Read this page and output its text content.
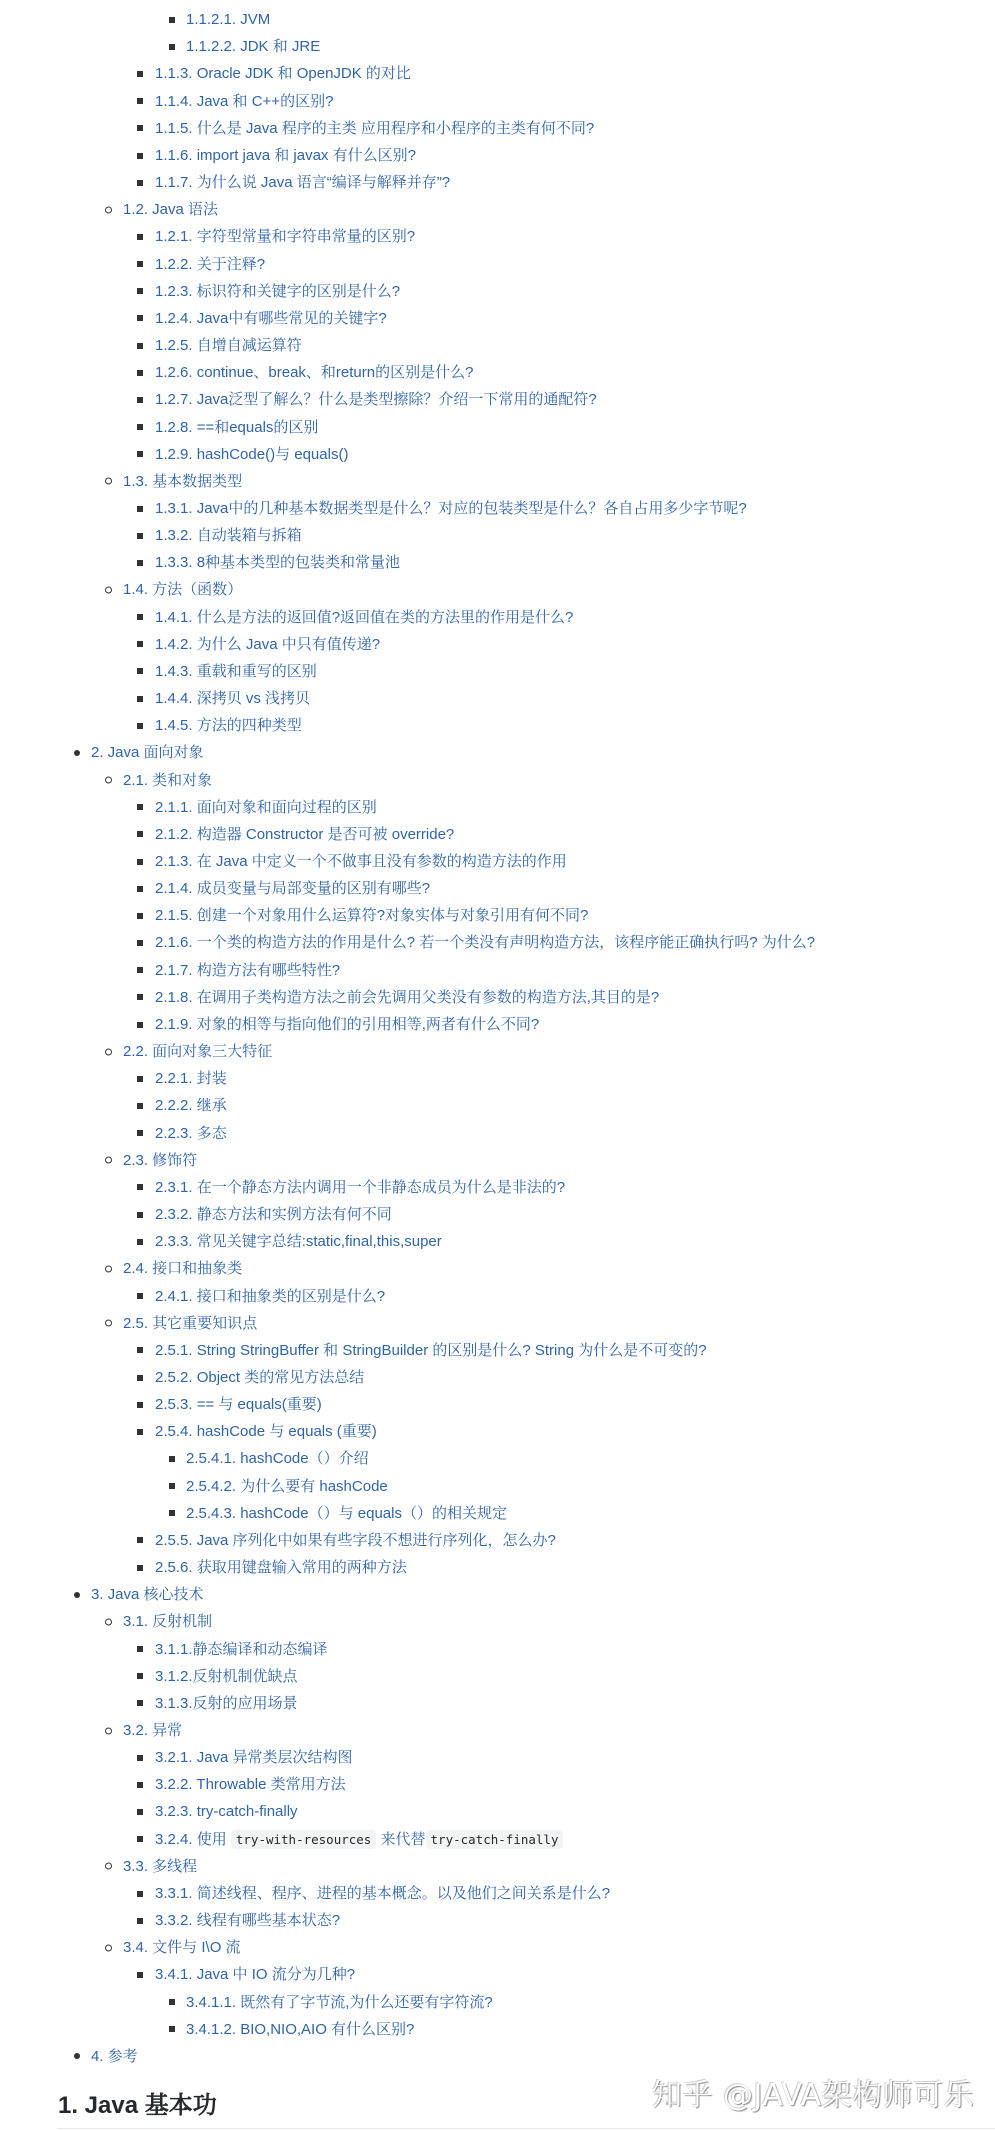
1.1.2.1. JVM
1.1.2.2. JDK 和 JRE
1.1.3. Oracle JDK 和 OpenJDK 的对比
1.1.4. Java 和 C++的区别?
1.1.5. 什么是 Java 程序的主类 应用程序和小程序的主类有何不同?
1.1.6. import java 和 javax 有什么区别?
1.1.7. 为什么说 Java 语言“编译与解释并存”?
1.2. Java 语法
1.2.1. 字符型常量和字符串常量的区别?
1.2.2. 关于注释?
1.2.3. 标识符和关键字的区别是什么?
1.2.4. Java中有哪些常见的关键字?
1.2.5. 自增自减运算符
1.2.6. continue、break、和return的区别是什么?
1.2.7. Java泛型了解么？什么是类型擦除？介绍一下常用的通配符?
1.2.8. ==和equals的区别
1.2.9. hashCode()与 equals()
1.3. 基本数据类型
1.3.1. Java中的几种基本数据类型是什么？对应的包装类型是什么？各自占用多少字节呢?
1.3.2. 自动装箱与拆箱
1.3.3. 8种基本类型的包装类和常量池
1.4. 方法（函数）
1.4.1. 什么是方法的返回值?返回值在类的方法里的作用是什么?
1.4.2. 为什么 Java 中只有值传递?
1.4.3. 重载和重写的区别
1.4.4. 深拷贝 vs 浅拷贝
1.4.5. 方法的四种类型
2. Java 面向对象
2.1. 类和对象
2.1.1. 面向对象和面向过程的区别
2.1.2. 构造器 Constructor 是否可被 override?
2.1.3. 在 Java 中定义一个不做事且没有参数的构造方法的作用
2.1.4. 成员变量与局部变量的区别有哪些?
2.1.5. 创建一个对象用什么运算符?对象实体与对象引用有何不同?
2.1.6. 一个类的构造方法的作用是什么? 若一个类没有声明构造方法，该程序能正确执行吗? 为什么?
2.1.7. 构造方法有哪些特性?
2.1.8. 在调用子类构造方法之前会先调用父类没有参数的构造方法,其目的是?
2.1.9. 对象的相等与指向他们的引用相等,两者有什么不同?
2.2. 面向对象三大特征
2.2.1. 封装
2.2.2. 继承
2.2.3. 多态
2.3. 修饰符
2.3.1. 在一个静态方法内调用一个非静态成员为什么是非法的?
2.3.2. 静态方法和实例方法有何不同
2.3.3. 常见关键字总结:static,final,this,super
2.4. 接口和抽象类
2.4.1. 接口和抽象类的区别是什么?
2.5. 其它重要知识点
2.5.1. String StringBuffer 和 StringBuilder 的区别是什么? String 为什么是不可变的?
2.5.2. Object 类的常见方法总结
2.5.3. == 与 equals(重要)
2.5.4. hashCode 与 equals (重要)
2.5.4.1. hashCode（）介绍
2.5.4.2. 为什么要有 hashCode
2.5.4.3. hashCode（）与 equals（）的相关规定
2.5.5. Java 序列化中如果有些字段不想进行序列化，怎么办?
2.5.6. 获取用键盘输入常用的两种方法
3. Java 核心技术
3.1. 反射机制
3.1.1.静态编译和动态编译
3.1.2.反射机制优缺点
3.1.3.反射的应用场景
3.2. 异常
3.2.1. Java 异常类层次结构图
3.2.2. Throwable 类常用方法
3.2.3. try-catch-finally
3.2.4. 使用 try-with-resources 来代替 try-catch-finally
3.3. 多线程
3.3.1. 简述线程、程序、进程的基本概念。以及他们之间关系是什么?
3.3.2. 线程有哪些基本状态?
3.4. 文件与 I\O 流
3.4.1. Java 中 IO 流分为几种?
3.4.1.1. 既然有了字节流,为什么还要有字符流?
3.4.1.2. BIO,NIO,AIO 有什么区别?
4. 参考
1. Java 基本功	知乎 @JAVA架构师可乐
